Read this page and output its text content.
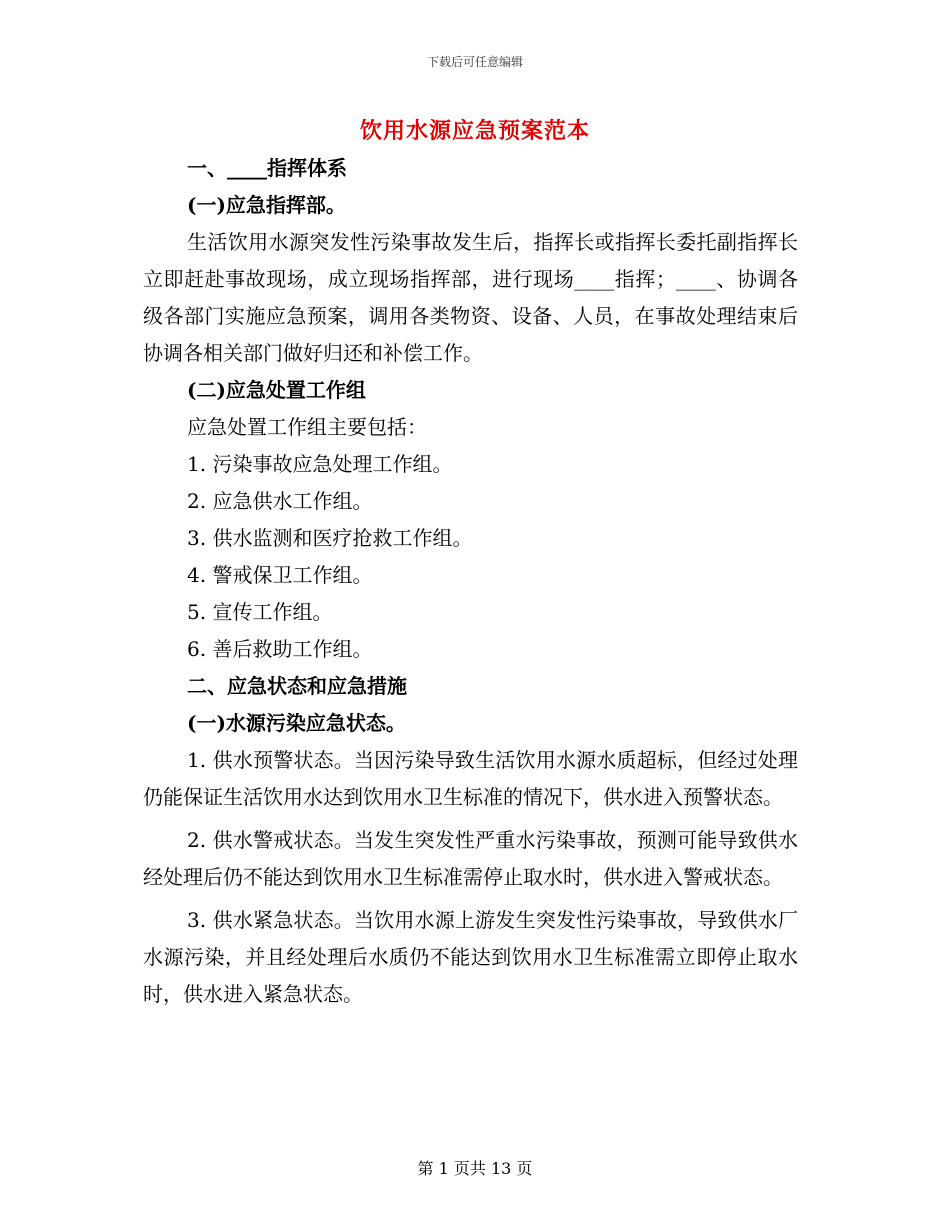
下载后可任意编辑
饮用水源应急预案范本
一、____指挥体系
(一)应急指挥部。
生活饮用水源突发性污染事故发生后，指挥长或指挥长委托副指挥长立即赶赴事故现场，成立现场指挥部，进行现场____指挥；____、协调各级各部门实施应急预案，调用各类物资、设备、人员，在事故处理结束后协调各相关部门做好归还和补偿工作。
(二)应急处置工作组
应急处置工作组主要包括：
1. 污染事故应急处理工作组。
2. 应急供水工作组。
3. 供水监测和医疗抢救工作组。
4. 警戒保卫工作组。
5. 宣传工作组。
6. 善后救助工作组。
二、应急状态和应急措施
(一)水源污染应急状态。
1. 供水预警状态。当因污染导致生活饮用水源水质超标，但经过处理仍能保证生活饮用水达到饮用水卫生标准的情况下，供水进入预警状态。
2. 供水警戒状态。当发生突发性严重水污染事故，预测可能导致供水经处理后仍不能达到饮用水卫生标准需停止取水时，供水进入警戒状态。
3. 供水紧急状态。当饮用水源上游发生突发性污染事故，导致供水厂水源污染，并且经处理后水质仍不能达到饮用水卫生标准需立即停止取水时，供水进入紧急状态。
第 1 页共 13 页
